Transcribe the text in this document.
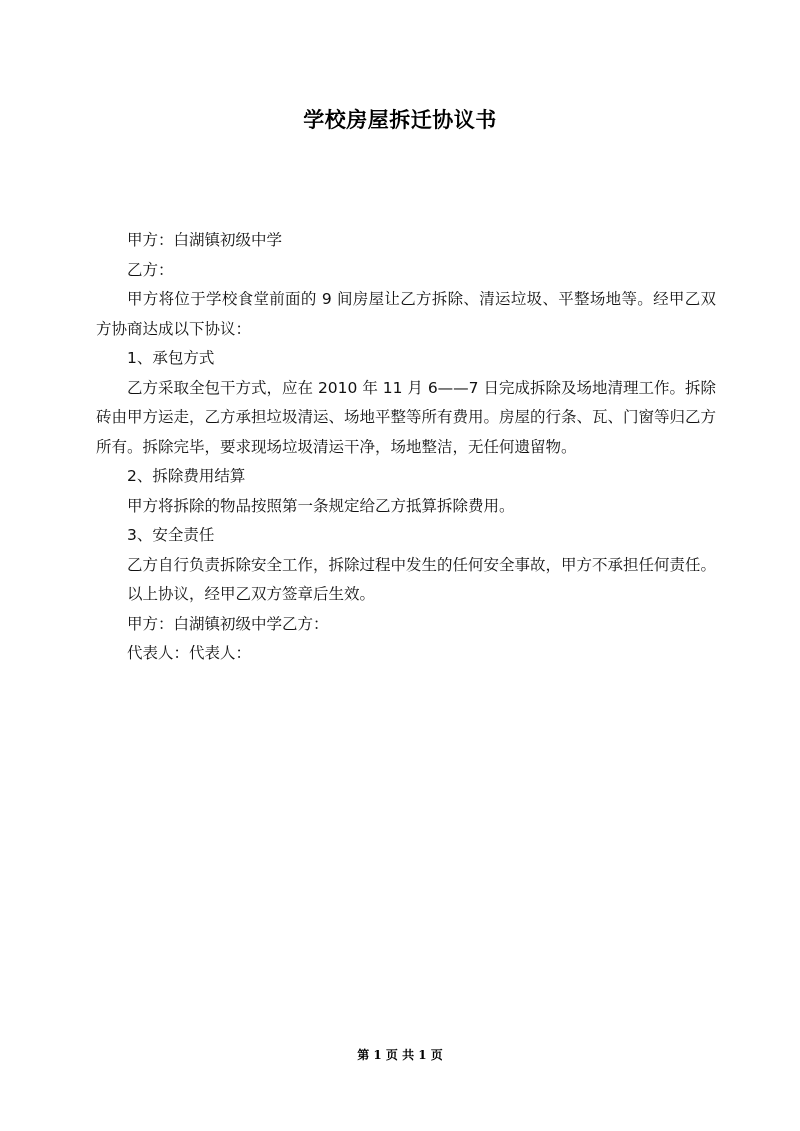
学校房屋拆迁协议书

甲方：白湖镇初级中学

乙方：

甲方将位于学校食堂前面的 9 间房屋让乙方拆除、清运垃圾、平整场地等。经甲乙双方协商达成以下协议：

1、承包方式

乙方采取全包干方式，应在 2010 年 11 月 6——7 日完成拆除及场地清理工作。拆除砖由甲方运走，乙方承担垃圾清运、场地平整等所有费用。房屋的行条、瓦、门窗等归乙方所有。拆除完毕，要求现场垃圾清运干净，场地整洁，无任何遗留物。

2、拆除费用结算

甲方将拆除的物品按照第一条规定给乙方抵算拆除费用。

3、安全责任

乙方自行负责拆除安全工作，拆除过程中发生的任何安全事故，甲方不承担任何责任。

以上协议，经甲乙双方签章后生效。

甲方：白湖镇初级中学乙方：

代表人：代表人：

第 1 页 共 1 页
